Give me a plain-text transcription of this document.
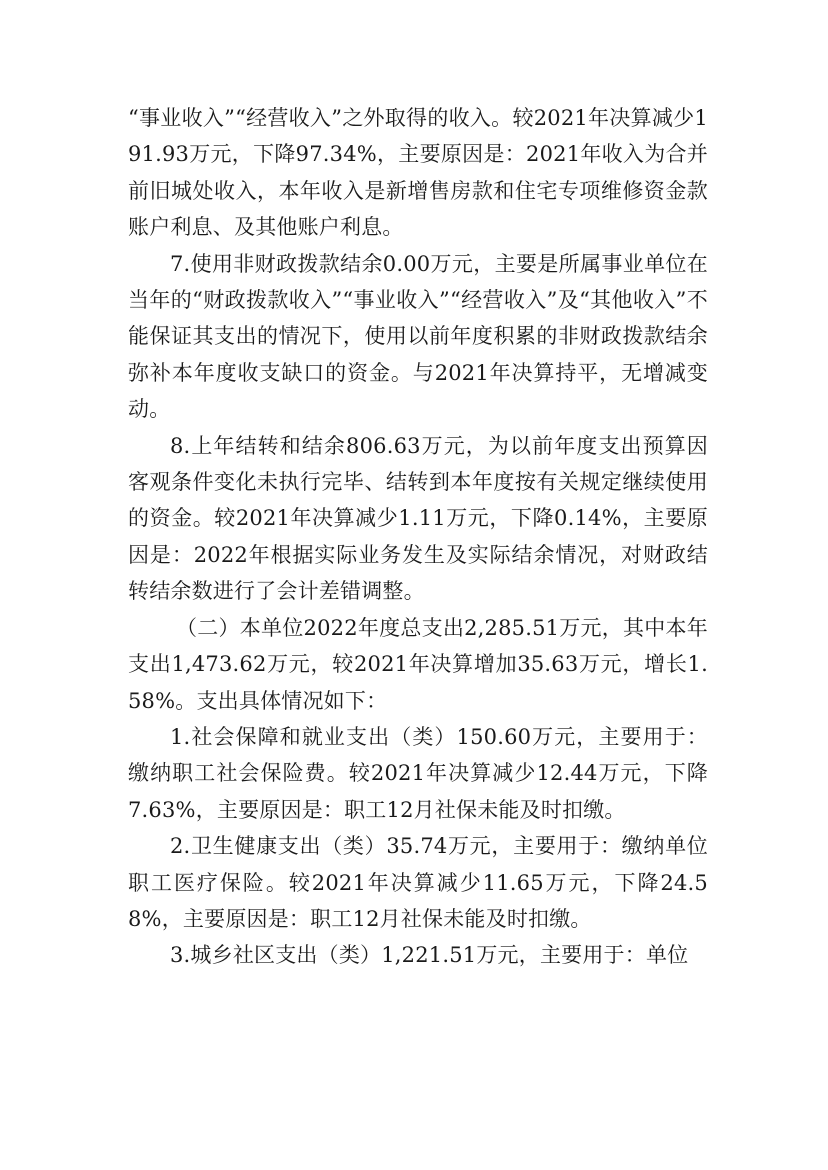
“事业收入”“经营收入”之外取得的收入。较2021年决算减少191.93万元，下降97.34%，主要原因是：2021年收入为合并前旧城处收入，本年收入是新增售房款和住宅专项维修资金款账户利息、及其他账户利息。

7.使用非财政拨款结余0.00万元，主要是所属事业单位在当年的“财政拨款收入”“事业收入”“经营收入”及“其他收入”不能保证其支出的情况下，使用以前年度积累的非财政拨款结余弥补本年度收支缺口的资金。与2021年决算持平，无增减变动。

8.上年结转和结余806.63万元，为以前年度支出预算因客观条件变化未执行完毕、结转到本年度按有关规定继续使用的资金。较2021年决算减少1.11万元，下降0.14%，主要原因是：2022年根据实际业务发生及实际结余情况，对财政结转结余数进行了会计差错调整。

（二）本单位2022年度总支出2,285.51万元，其中本年支出1,473.62万元，较2021年决算增加35.63万元，增长1.58%。支出具体情况如下：

1.社会保障和就业支出（类）150.60万元，主要用于：缴纳职工社会保险费。较2021年决算减少12.44万元，下降7.63%，主要原因是：职工12月社保未能及时扣缴。

2.卫生健康支出（类）35.74万元，主要用于：缴纳单位职工医疗保险。较2021年决算减少11.65万元，下降24.58%，主要原因是：职工12月社保未能及时扣缴。

3.城乡社区支出（类）1,221.51万元，主要用于：单位
